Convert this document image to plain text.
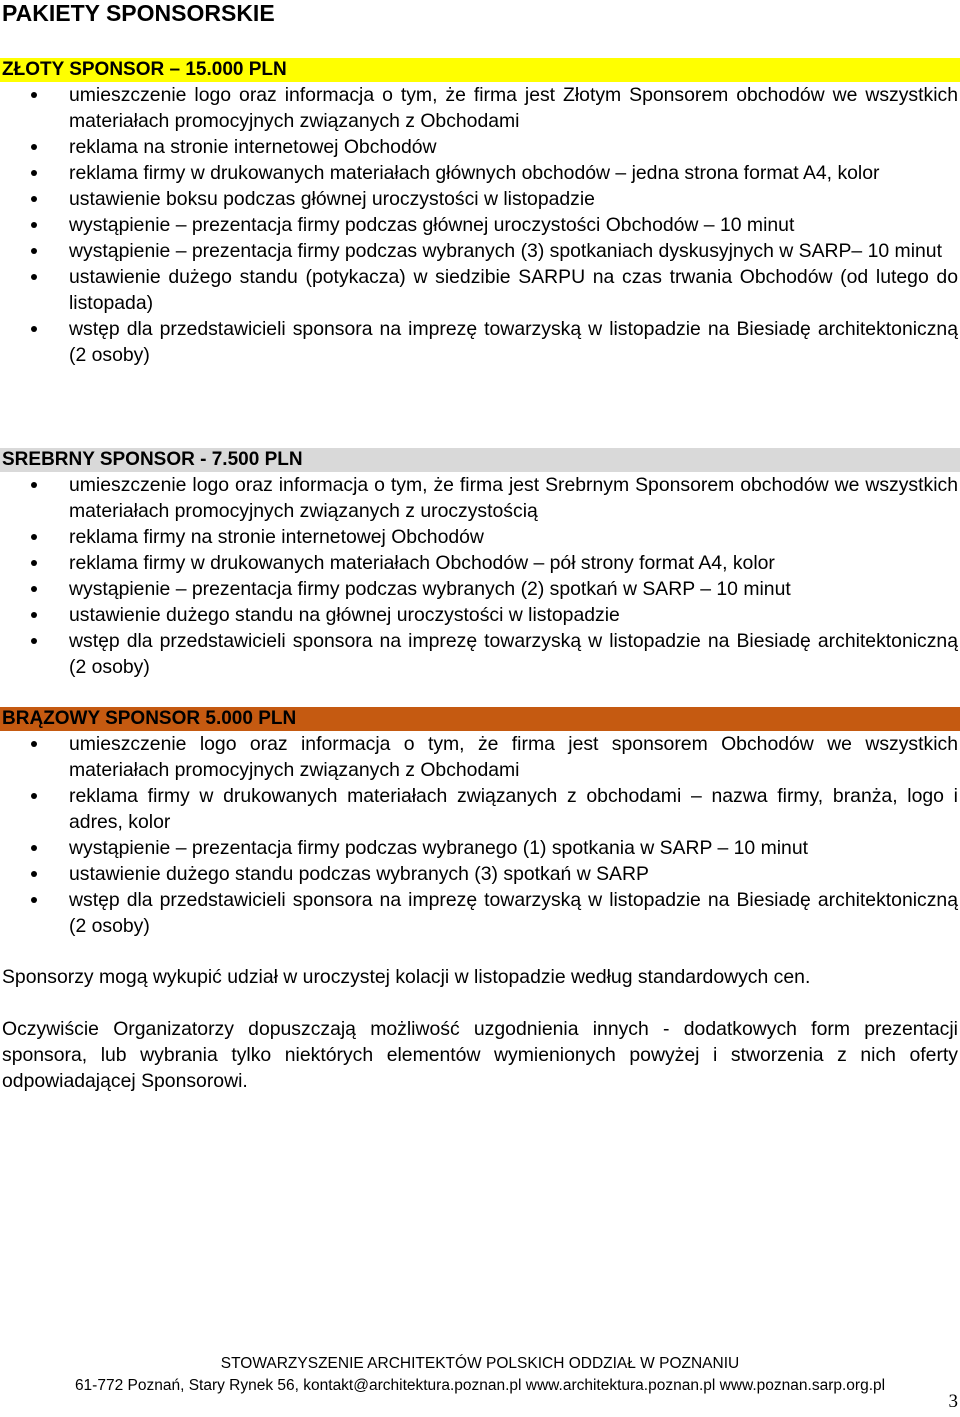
PAKIETY SPONSORSKIE
ZŁOTY SPONSOR – 15.000 PLN
umieszczenie logo oraz informacja o tym, że firma jest Złotym Sponsorem obchodów we wszystkich materiałach promocyjnych związanych z Obchodami
reklama na stronie internetowej Obchodów
reklama firmy w drukowanych materiałach głównych obchodów – jedna strona format A4, kolor
ustawienie boksu podczas głównej uroczystości w listopadzie
wystąpienie – prezentacja firmy podczas głównej uroczystości Obchodów – 10 minut
wystąpienie – prezentacja firmy podczas wybranych (3) spotkaniach dyskusyjnych w SARP– 10 minut
ustawienie dużego standu (potykacza) w siedzibie SARPU na czas trwania Obchodów (od lutego do listopada)
wstęp dla przedstawicieli sponsora na imprezę towarzyską w listopadzie na Biesiadę architektoniczną (2 osoby)
SREBRNY SPONSOR - 7.500 PLN
umieszczenie logo oraz informacja o tym, że firma jest Srebrnym Sponsorem obchodów we wszystkich materiałach promocyjnych związanych z uroczystością
reklama firmy na stronie internetowej Obchodów
reklama firmy w drukowanych materiałach Obchodów – pół strony format A4, kolor
wystąpienie – prezentacja firmy podczas wybranych (2) spotkań w SARP – 10 minut
ustawienie dużego standu na głównej uroczystości w listopadzie
wstęp dla przedstawicieli sponsora na imprezę towarzyską w listopadzie na Biesiadę architektoniczną (2 osoby)
BRĄZOWY SPONSOR 5.000 PLN
umieszczenie logo oraz informacja o tym, że firma jest sponsorem Obchodów we wszystkich materiałach promocyjnych związanych z Obchodami
reklama firmy w drukowanych materiałach związanych z obchodami – nazwa firmy, branża, logo i adres, kolor
wystąpienie – prezentacja firmy podczas wybranego (1) spotkania w SARP – 10 minut
ustawienie dużego standu podczas wybranych (3) spotkań w SARP
wstęp dla przedstawicieli sponsora na imprezę towarzyską w listopadzie na Biesiadę architektoniczną (2 osoby)
Sponsorzy mogą wykupić udział w uroczystej kolacji w listopadzie według standardowych cen.
Oczywiście Organizatorzy dopuszczają możliwość uzgodnienia innych - dodatkowych form prezentacji sponsora, lub wybrania tylko niektórych elementów wymienionych powyżej i stworzenia z nich oferty odpowiadającej Sponsorowi.
STOWARZYSZENIE ARCHITEKTÓW POLSKICH ODDZIAŁ W POZNANIU
61-772 Poznań, Stary Rynek 56, kontakt@architektura.poznan.pl www.architektura.poznan.pl www.poznan.sarp.org.pl
3
